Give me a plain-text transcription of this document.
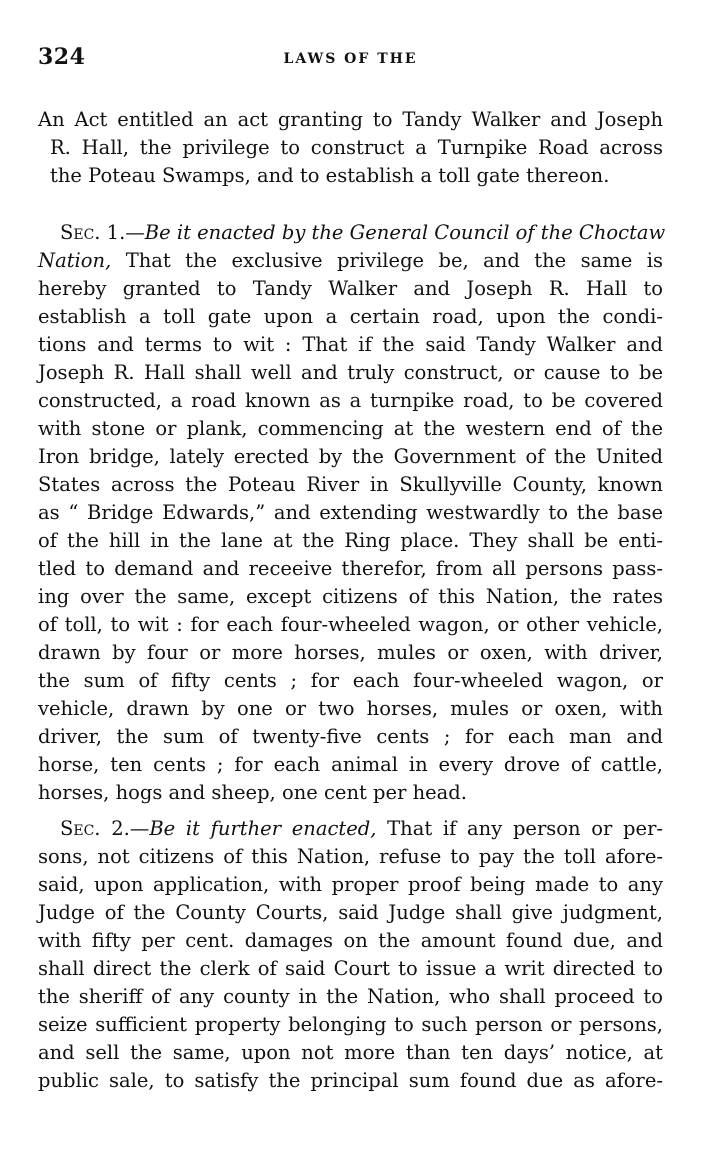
324	LAWS OF THE
An Act entitled an act granting to Tandy Walker and Joseph
R. Hall, the privilege to construct a Turnpike Road across
the Poteau Swamps, and to establish a toll gate thereon.
Sec. 1.—Be it enacted by the General Council of the Choctaw
Nation, That the exclusive privilege be, and the same is
hereby granted to Tandy Walker and Joseph R. Hall to
establish a toll gate upon a certain road, upon the condi-
tions and terms to wit : That if the said Tandy Walker and
Joseph R. Hall shall well and truly construct, or cause to be
constructed, a road known as a turnpike road, to be covered
with stone or plank, commencing at the western end of the
Iron bridge, lately erected by the Government of the United
States across the Poteau River in Skullyville County, known
as “ Bridge Edwards,” and extending westwardly to the base
of the hill in the lane at the Ring place. They shall be enti-
tled to demand and receeive therefor, from all persons pass-
ing over the same, except citizens of this Nation, the rates
of toll, to wit : for each four-wheeled wagon, or other vehicle,
drawn by four or more horses, mules or oxen, with driver,
the sum of fifty cents ; for each four-wheeled wagon, or
vehicle, drawn by one or two horses, mules or oxen, with
driver, the sum of twenty-five cents ; for each man and
horse, ten cents ; for each animal in every drove of cattle,
horses, hogs and sheep, one cent per head.
Sec. 2.—Be it further enacted, That if any person or per-
sons, not citizens of this Nation, refuse to pay the toll afore-
said, upon application, with proper proof being made to any
Judge of the County Courts, said Judge shall give judgment,
with fifty per cent. damages on the amount found due, and
shall direct the clerk of said Court to issue a writ directed to
the sheriff of any county in the Nation, who shall proceed to
seize sufficient property belonging to such person or persons,
and sell the same, upon not more than ten days’ notice, at
public sale, to satisfy the principal sum found due as afore-
